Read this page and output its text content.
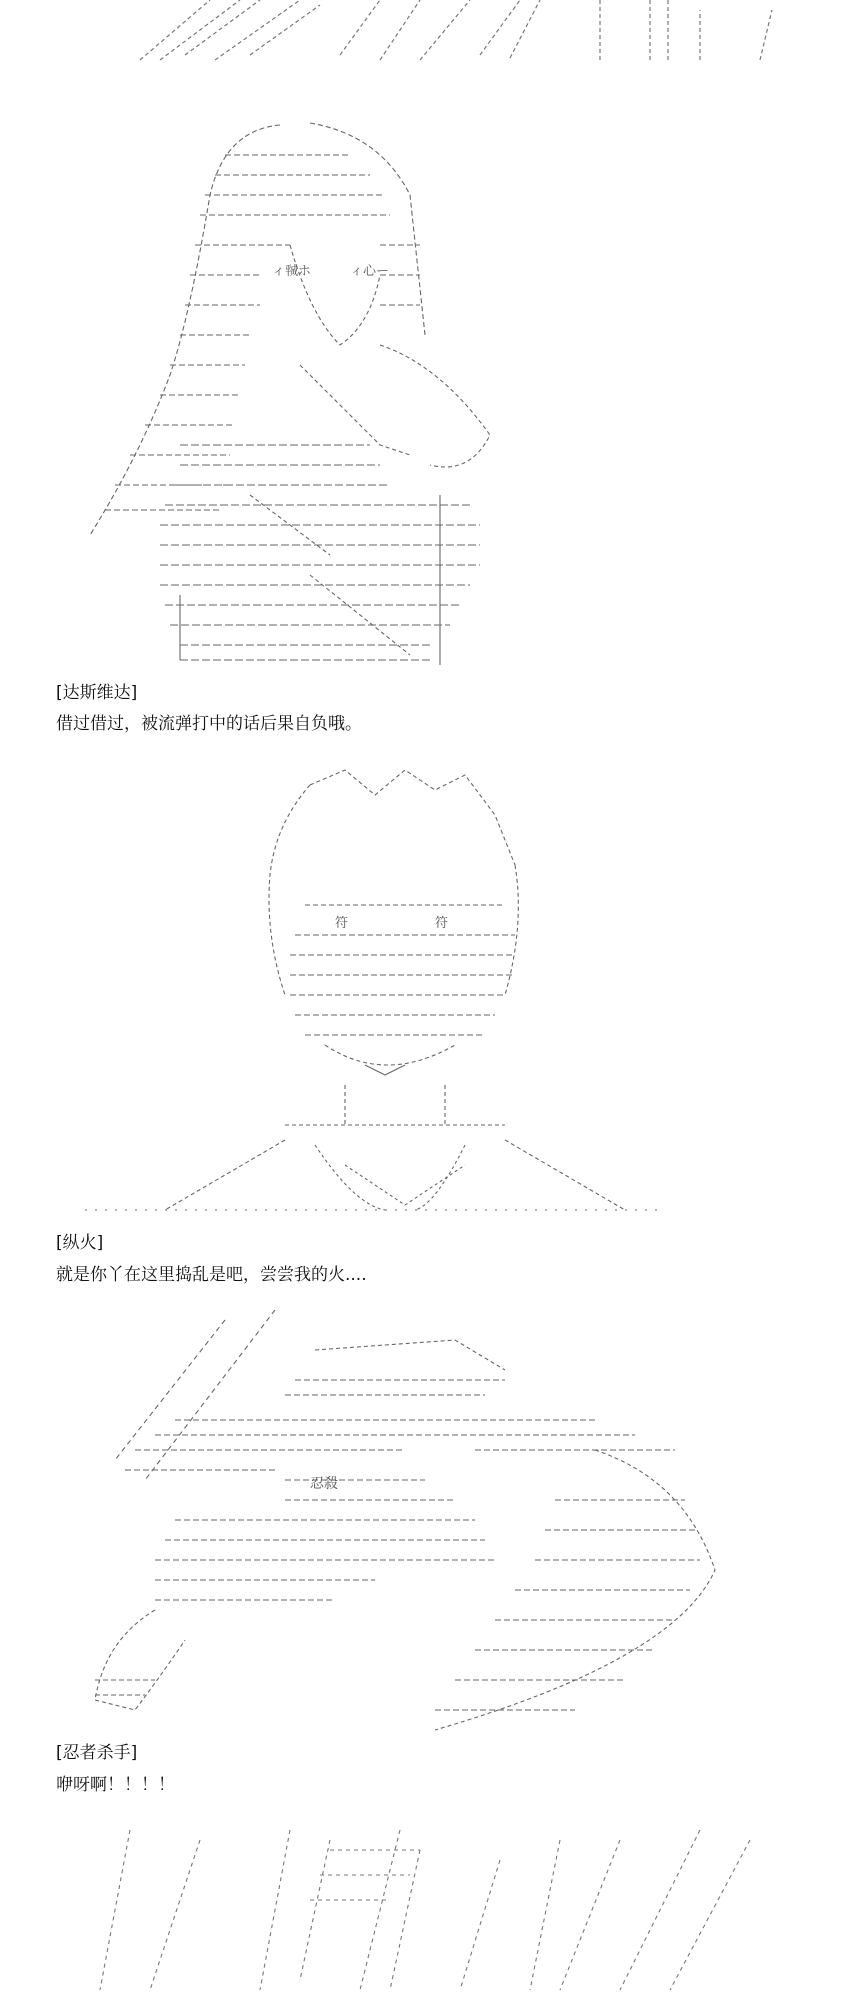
ィ㍻ホ	ィ心ー
[达斯维达]
借过借过，被流弹打中的话后果自负哦。
符	符
[纵火]
就是你丫在这里捣乱是吧，尝尝我的火....
忍殺
[忍者杀手]
咿呀啊！！！！
